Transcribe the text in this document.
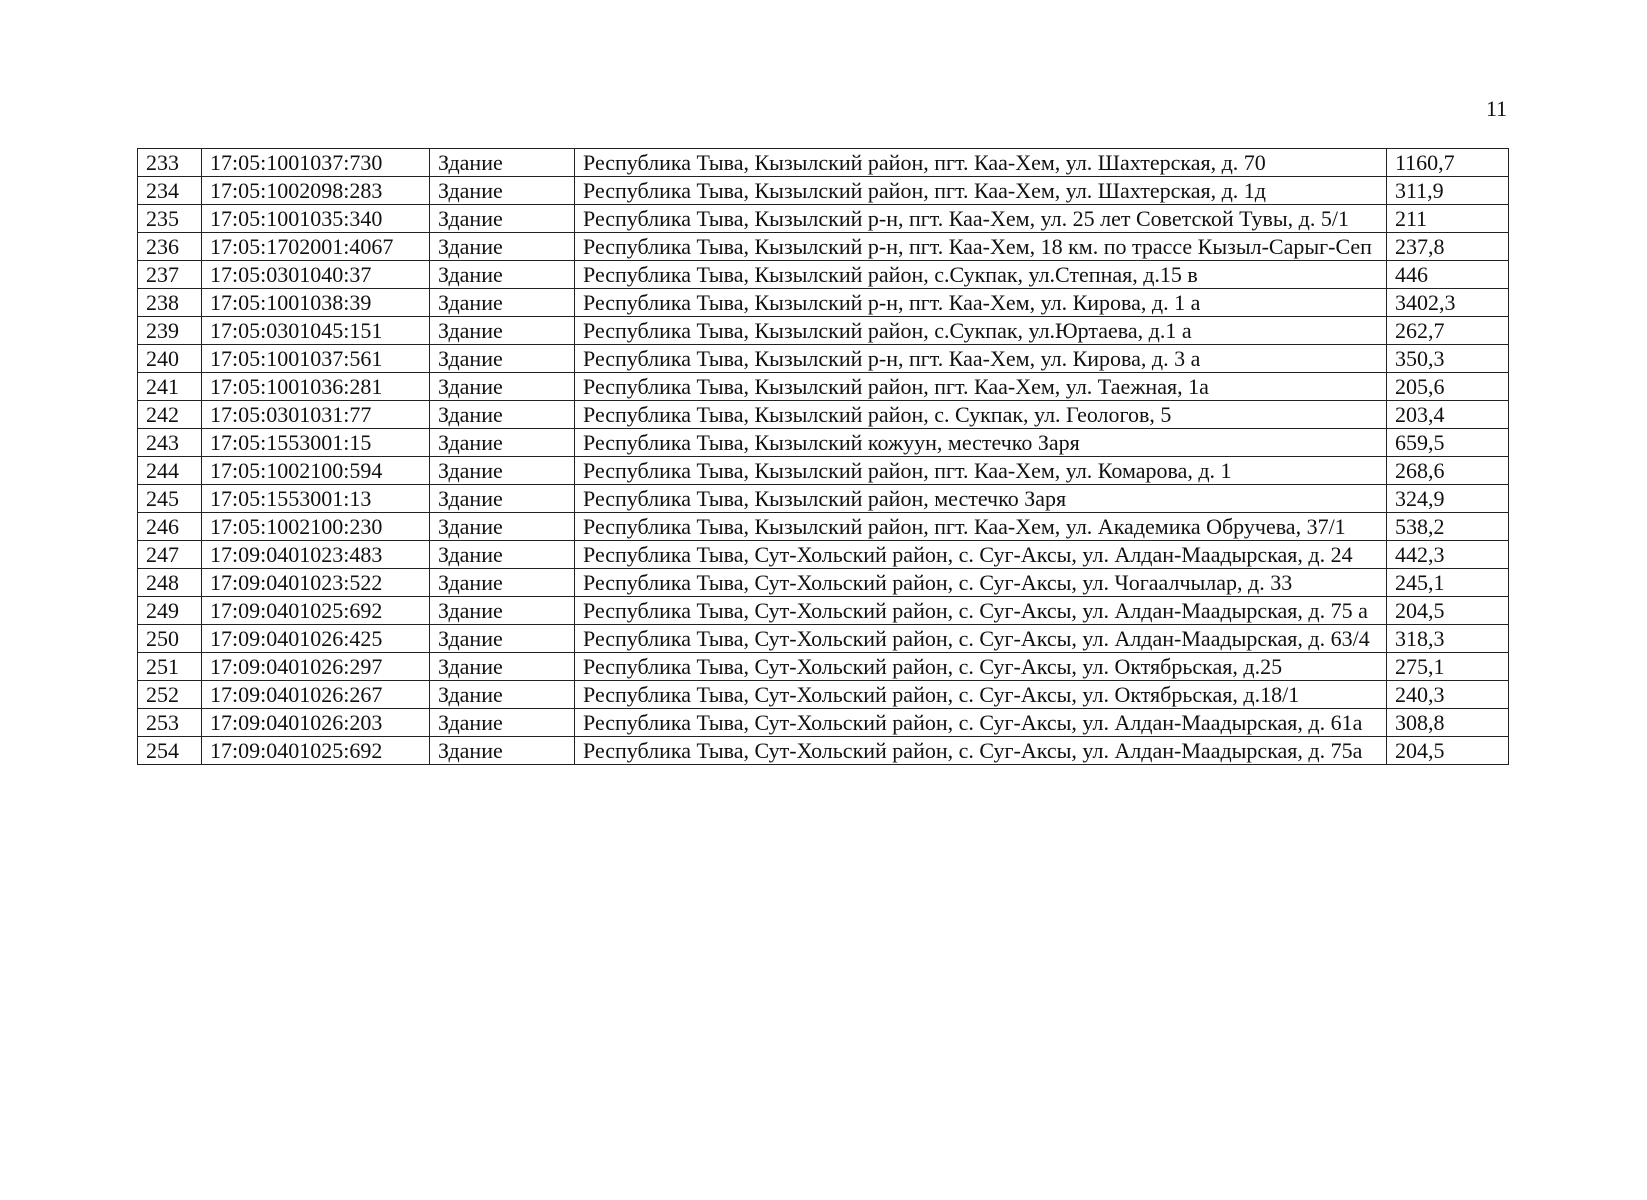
11
233	17:05:1001037:730	Здание	Республика Тыва, Кызылский район, пгт. Каа-Хем, ул. Шахтерская, д. 70	1160,7
234	17:05:1002098:283	Здание	Республика Тыва, Кызылский район, пгт. Каа-Хем, ул. Шахтерская, д. 1д	311,9
235	17:05:1001035:340	Здание	Республика Тыва, Кызылский р-н, пгт. Каа-Хем, ул. 25 лет Советской Тувы, д. 5/1	211
236	17:05:1702001:4067	Здание	Республика Тыва, Кызылский р-н, пгт. Каа-Хем, 18 км. по трассе Кызыл-Сарыг-Сеп	237,8
237	17:05:0301040:37	Здание	Республика Тыва, Кызылский район, с.Сукпак, ул.Степная, д.15 в	446
238	17:05:1001038:39	Здание	Республика Тыва, Кызылский р-н, пгт. Каа-Хем, ул. Кирова, д. 1 а	3402,3
239	17:05:0301045:151	Здание	Республика Тыва, Кызылский район, с.Сукпак, ул.Юртаева, д.1 а	262,7
240	17:05:1001037:561	Здание	Республика Тыва, Кызылский р-н, пгт. Каа-Хем, ул. Кирова, д. 3 а	350,3
241	17:05:1001036:281	Здание	Республика Тыва, Кызылский район, пгт. Каа-Хем, ул. Таежная, 1а	205,6
242	17:05:0301031:77	Здание	Республика Тыва, Кызылский район, с. Сукпак, ул. Геологов, 5	203,4
243	17:05:1553001:15	Здание	Республика Тыва, Кызылский кожуун, местечко Заря	659,5
244	17:05:1002100:594	Здание	Республика Тыва, Кызылский район, пгт. Каа-Хем, ул. Комарова, д. 1	268,6
245	17:05:1553001:13	Здание	Республика Тыва, Кызылский район, местечко Заря	324,9
246	17:05:1002100:230	Здание	Республика Тыва, Кызылский район, пгт. Каа-Хем, ул. Академика Обручева, 37/1	538,2
247	17:09:0401023:483	Здание	Республика Тыва, Сут-Хольский район, с. Суг-Аксы, ул. Алдан-Маадырская, д. 24	442,3
248	17:09:0401023:522	Здание	Республика Тыва, Сут-Хольский район, с. Суг-Аксы, ул. Чогаалчылар, д. 33	245,1
249	17:09:0401025:692	Здание	Республика Тыва, Сут-Хольский район, с. Суг-Аксы, ул. Алдан-Маадырская, д. 75 а	204,5
250	17:09:0401026:425	Здание	Республика Тыва, Сут-Хольский район, с. Суг-Аксы, ул. Алдан-Маадырская, д. 63/4	318,3
251	17:09:0401026:297	Здание	Республика Тыва, Сут-Хольский район, с. Суг-Аксы, ул. Октябрьская, д.25	275,1
252	17:09:0401026:267	Здание	Республика Тыва, Сут-Хольский район, с. Суг-Аксы, ул. Октябрьская, д.18/1	240,3
253	17:09:0401026:203	Здание	Республика Тыва, Сут-Хольский район, с. Суг-Аксы, ул. Алдан-Маадырская, д. 61а	308,8
254	17:09:0401025:692	Здание	Республика Тыва, Сут-Хольский район, с. Суг-Аксы, ул. Алдан-Маадырская, д. 75а	204,5
